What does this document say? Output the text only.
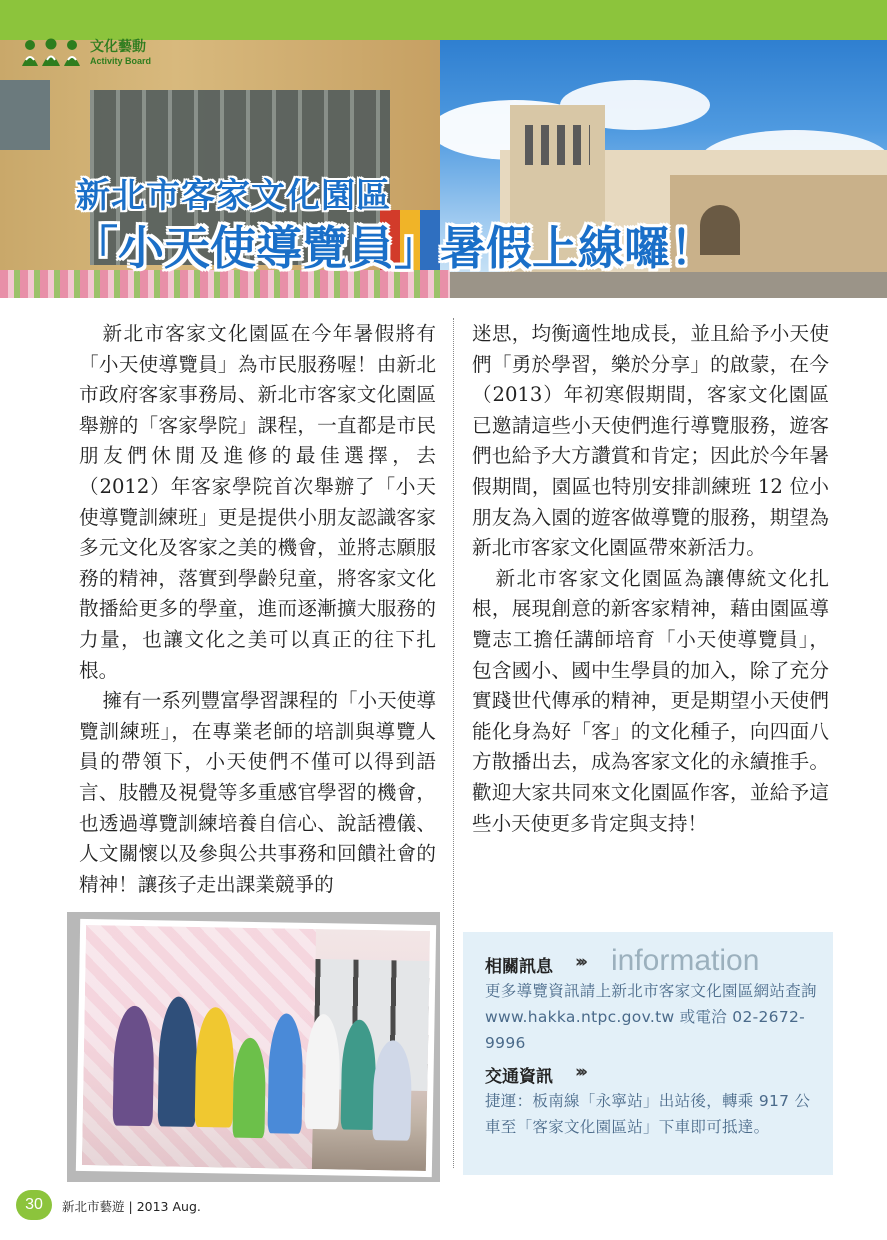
文化藝動
Activity Board
新北市客家文化園區
「小天使導覽員」暑假上線囉！

新北市客家文化園區在今年暑假將有「小天使導覽員」為市民服務喔！由新北市政府客家事務局、新北市客家文化園區舉辦的「客家學院」課程，一直都是市民朋友們休閒及進修的最佳選擇，去（2012）年客家學院首次舉辦了「小天使導覽訓練班」更是提供小朋友認識客家多元文化及客家之美的機會，並將志願服務的精神，落實到學齡兒童，將客家文化散播給更多的學童，進而逐漸擴大服務的力量，也讓文化之美可以真正的往下扎根。

擁有一系列豐富學習課程的「小天使導覽訓練班」，在專業老師的培訓與導覽人員的帶領下，小天使們不僅可以得到語言、肢體及視覺等多重感官學習的機會，也透過導覽訓練培養自信心、說話禮儀、人文關懷以及參與公共事務和回饋社會的精神！讓孩子走出課業競爭的

迷思，均衡適性地成長，並且給予小天使們「勇於學習，樂於分享」的啟蒙，在今（2013）年初寒假期間，客家文化園區已邀請這些小天使們進行導覽服務，遊客們也給予大方讚賞和肯定；因此於今年暑假期間，園區也特別安排訓練班 12 位小朋友為入園的遊客做導覽的服務，期望為新北市客家文化園區帶來新活力。

新北市客家文化園區為讓傳統文化扎根，展現創意的新客家精神，藉由園區導覽志工擔任講師培育「小天使導覽員」，包含國小、國中生學員的加入，除了充分實踐世代傳承的精神，更是期望小天使們能化身為好「客」的文化種子，向四面八方散播出去，成為客家文化的永續推手。歡迎大家共同來文化園區作客，並給予這些小天使更多肯定與支持！

相關訊息 ››› information
更多導覽資訊請上新北市客家文化園區網站查詢 www.hakka.ntpc.gov.tw 或電洽 02-2672-9996
交通資訊 ›››
捷運：板南線「永寧站」出站後，轉乘 917 公車至「客家文化園區站」下車即可抵達。
30	新北市藝遊 | 2013 Aug.
